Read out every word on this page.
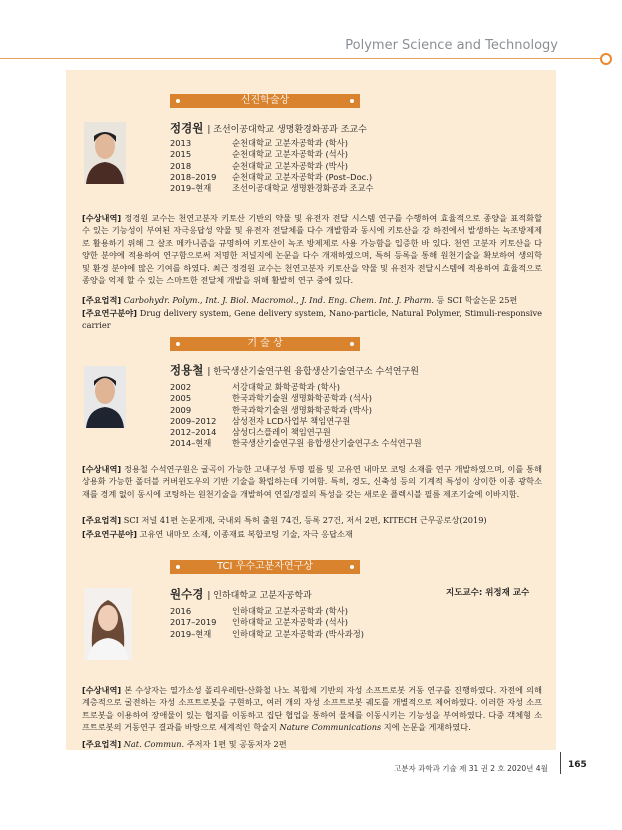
Polymer Science and Technology
신진학술상
정경원 | 조선이공대학교 생명환경화공과 조교수
2013	순천대학교 고분자공학과 (학사)
2015	순천대학교 고분자공학과 (석사)
2018	순천대학교 고분자공학과 (박사)
2018–2019	순천대학교 고분자공학과 (Post–Doc.)
2019–현재	조선이공대학교 생명환경화공과 조교수
[수상내역] 정경원 교수는 천연고분자 키토산 기반의 약물 및 유전자 전달 시스템 연구를 수행하여 효율적으로 종양을 표적화할 수 있는 기능성이 부여된 자극응답성 약물 및 유전자 전달체를 다수 개발함과 동시에 키토산을 강 하전에서 발생하는 녹조방제제로 활용하기 위해 그 살조 메카니즘을 규명하여 키토산이 녹조 방제제로 사용 가능함을 입증한 바 있다. 천연 고분자 키토산을 다양한 분야에 적용하여 연구함으로써 저명한 저널지에 논문을 다수 개재하였으며, 특허 등록을 통해 원천기술을 확보하여 생의학 및 환경 분야에 많은 기여를 하였다. 최근 정경원 교수는 천연고분자 키토산을 약물 및 유전자 전달시스템에 적용하여 효율적으로 종양을 억제 할 수 있는 스마트한 전달체 개발을 위해 활발히 연구 중에 있다.
[주요업적] Carbohydr. Polym., Int. J. Biol. Macromol., J. Ind. Eng. Chem. Int. J. Pharm. 등 SCI 학술논문 25편
[주요연구분야] Drug delivery system, Gene delivery system, Nano-particle, Natural Polymer, Stimuli-responsive carrier
기 술 상
정용철 | 한국생산기술연구원 융합생산기술연구소 수석연구원
2002	서강대학교 화학공학과 (학사)
2005	한국과학기술원 생명화학공학과 (석사)
2009	한국과학기술원 생명화학공학과 (박사)
2009–2012	삼성전자 LCD사업부 책임연구원
2012–2014	삼성디스플레이 책임연구원
2014–현재	한국생산기술연구원 융합생산기술연구소 수석연구원
[수상내역] 정용철 수석연구원은 굴곡이 가능한 고내구성 투명 필름 및 고유연 내마모 코팅 소재를 연구 개발하였으며, 이를 통해 상용화 가능한 폴더블 커버윈도우의 기반 기술을 확립하는데 기여함. 특히, 경도, 신축성 등의 기계적 특성이 상이한 이종 광학소재를 경계 없이 동시에 코팅하는 원천기술을 개발하여 연질/경질의 특성을 갖는 새로운 플렉시블 필름 제조기술에 이바지함.
[주요업적] SCI 저널 41편 논문게재, 국내외 특허 출원 74건, 등록 27건, 저서 2편, KITECH 근무공로상(2019)
[주요연구분야] 고유연 내마모 소재, 이종재료 복합코팅 기술, 자극 응답소재
TCI 우수고분자연구상
원수경 | 인하대학교 고분자공학과	지도교수: 위정재 교수
2016	인하대학교 고분자공학과 (학사)
2017–2019	인하대학교 고분자공학과 (석사)
2019–현재	인하대학교 고분자공학과 (박사과정)
[수상내역] 본 수상자는 열가소성 폴리우레탄-산화철 나노 복합체 기반의 자성 소프트로봇 거동 연구를 진행하였다. 자전에 의해 계층적으로 굴전하는 자성 소프트로봇을 구현하고, 여러 개의 자성 소프트로봇 궤도를 개별적으로 제어하였다. 이러한 자성 소프트로봇을 이용하여 장애물이 있는 협지를 이동하고 집단 협업을 통하여 물체를 이동시키는 기능성을 부여하였다. 다중 객체형 소프트로봇의 거동연구 결과를 바탕으로 세계적인 학술지 Nature Communications 지에 논문을 게재하였다.
[주요업적] Nat. Commun. 주저자 1편 및 공동저자 2편
고분자 과학과 기술 제 31 권 2 호 2020년 4월 165
